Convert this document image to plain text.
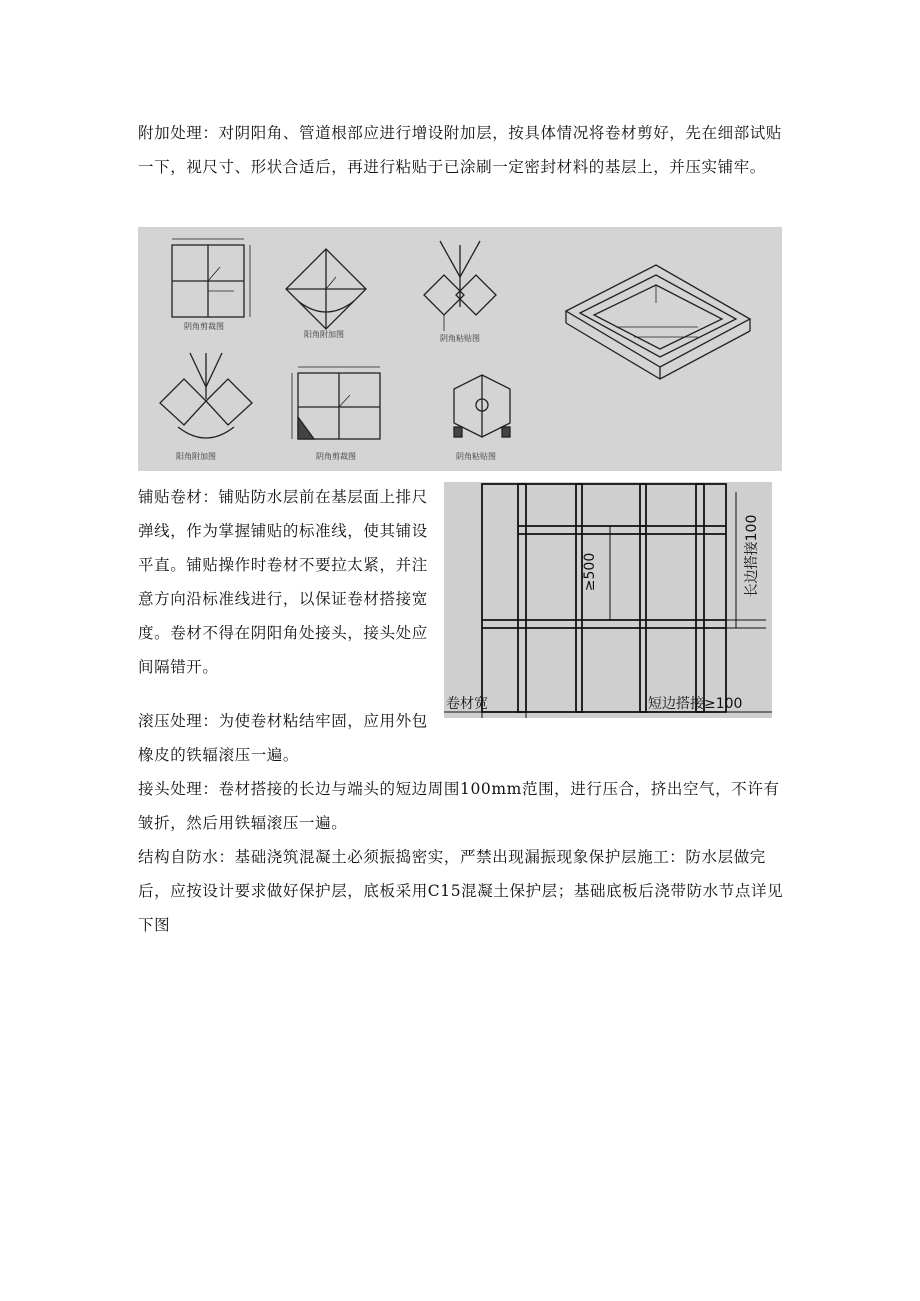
附加处理：对阴阳角、管道根部应进行增设附加层，按具体情况将卷材剪好，先在细部试贴一下，视尺寸、形状合适后，再进行粘贴于已涂刷一定密封材料的基层上，并压实铺牢。

阴角剪裁图
阳角附加图	阴角粘贴图
阳角附加图	阴角剪裁图	阴角粘贴图

铺贴卷材：铺贴防水层前在基层面上排尺弹线，作为掌握铺贴的标准线，使其铺设平直。铺贴操作时卷材不要拉太紧，并注意方向沿标准线进行，以保证卷材搭接宽度。卷材不得在阴阳角处接头，接头处应间隔错开。

≥500	长边搭接100
卷材宽	短边搭接≥100

滚压处理：为使卷材粘结牢固，应用外包橡皮的铁辐滚压一遍。

接头处理：卷材搭接的长边与端头的短边周围100mm范围，进行压合，挤出空气，不许有皱折，然后用铁辐滚压一遍。

结构自防水：基础浇筑混凝土必须振捣密实，严禁出现漏振现象保护层施工：防水层做完后，应按设计要求做好保护层，底板采用C15混凝土保护层；基础底板后浇带防水节点详见下图
